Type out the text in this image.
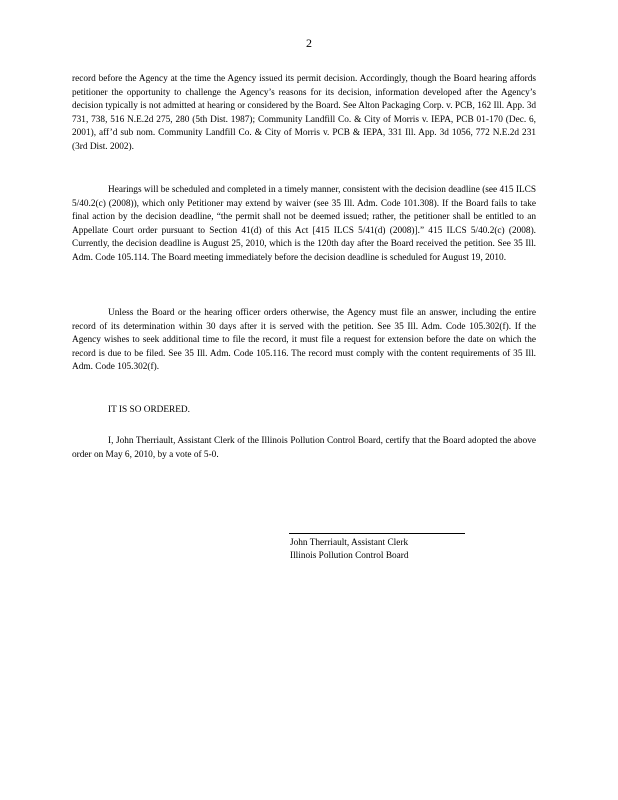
2

record before the Agency at the time the Agency issued its permit decision. Accordingly, though the Board hearing affords petitioner the opportunity to challenge the Agency’s reasons for its decision, information developed after the Agency’s decision typically is not admitted at hearing or considered by the Board. See Alton Packaging Corp. v. PCB, 162 Ill. App. 3d 731, 738, 516 N.E.2d 275, 280 (5th Dist. 1987); Community Landfill Co. & City of Morris v. IEPA, PCB 01-170 (Dec. 6, 2001), aff’d sub nom. Community Landfill Co. & City of Morris v. PCB & IEPA, 331 Ill. App. 3d 1056, 772 N.E.2d 231 (3rd Dist. 2002).

Hearings will be scheduled and completed in a timely manner, consistent with the decision deadline (see 415 ILCS 5/40.2(c) (2008)), which only Petitioner may extend by waiver (see 35 Ill. Adm. Code 101.308). If the Board fails to take final action by the decision deadline, “the permit shall not be deemed issued; rather, the petitioner shall be entitled to an Appellate Court order pursuant to Section 41(d) of this Act [415 ILCS 5/41(d) (2008)].” 415 ILCS 5/40.2(c) (2008). Currently, the decision deadline is August 25, 2010, which is the 120th day after the Board received the petition. See 35 Ill. Adm. Code 105.114. The Board meeting immediately before the decision deadline is scheduled for August 19, 2010.

Unless the Board or the hearing officer orders otherwise, the Agency must file an answer, including the entire record of its determination within 30 days after it is served with the petition. See 35 Ill. Adm. Code 105.302(f). If the Agency wishes to seek additional time to file the record, it must file a request for extension before the date on which the record is due to be filed. See 35 Ill. Adm. Code 105.116. The record must comply with the content requirements of 35 Ill. Adm. Code 105.302(f).

IT IS SO ORDERED.

I, John Therriault, Assistant Clerk of the Illinois Pollution Control Board, certify that the Board adopted the above order on May 6, 2010, by a vote of 5-0.

John Therriault, Assistant Clerk
Illinois Pollution Control Board
